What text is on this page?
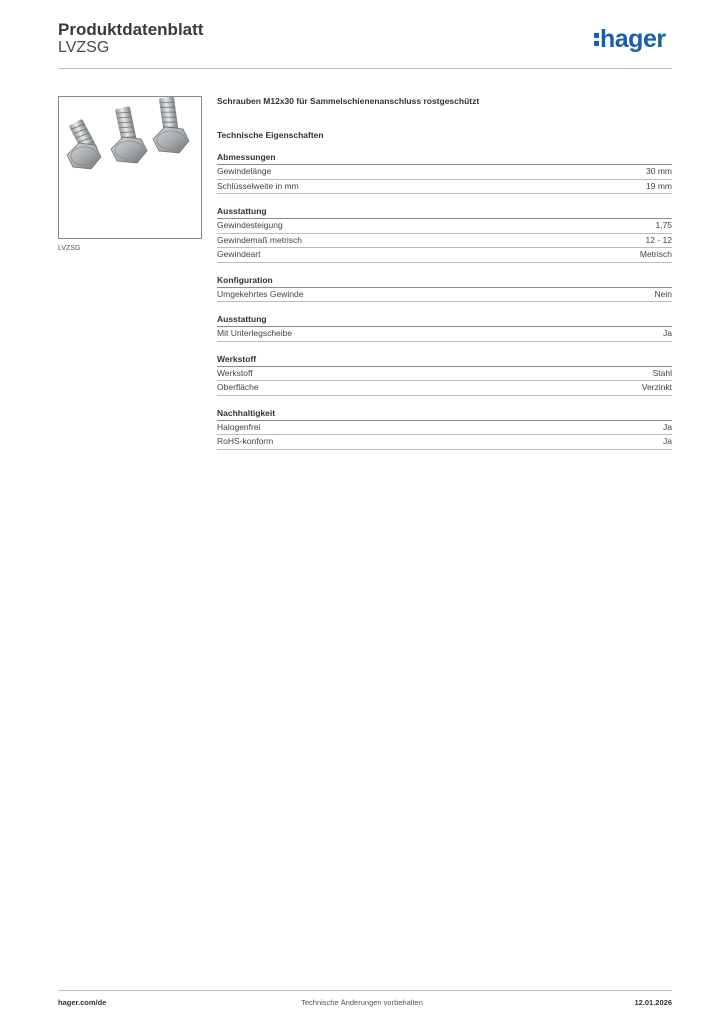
Produktdatenblatt
LVZSG	hager
LVZSG
Schrauben M12x30 für Sammelschienenanschluss rostgeschützt
Technische Eigenschaften
Abmessungen
Gewindelänge	30 mm
Schlüsselweite in mm	19 mm
Ausstattung
Gewindesteigung	1,75
Gewindemaß metrisch	12 - 12
Gewindeart	Metrisch
Konfiguration
Umgekehrtes Gewinde	Nein
Ausstattung
Mit Unterlegscheibe	Ja
Werkstoff
Werkstoff	Stahl
Oberfläche	Verzinkt
Nachhaltigkeit
Halogenfrei	Ja
RoHS-konform	Ja
hager.com/de	Technische Änderungen vorbehalten	12.01.2026
